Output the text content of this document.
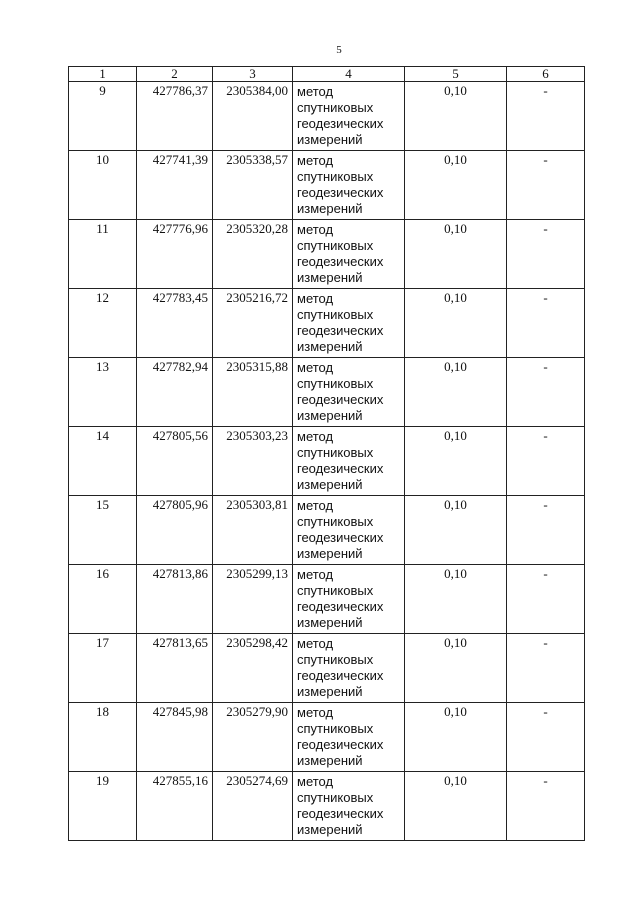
5
1	2	3	4	5	6
9	427786,37	2305384,00	метод
спутниковых
геодезических
измерений	0,10	-
10	427741,39	2305338,57	метод
спутниковых
геодезических
измерений	0,10	-
11	427776,96	2305320,28	метод
спутниковых
геодезических
измерений	0,10	-
12	427783,45	2305216,72	метод
спутниковых
геодезических
измерений	0,10	-
13	427782,94	2305315,88	метод
спутниковых
геодезических
измерений	0,10	-
14	427805,56	2305303,23	метод
спутниковых
геодезических
измерений	0,10	-
15	427805,96	2305303,81	метод
спутниковых
геодезических
измерений	0,10	-
16	427813,86	2305299,13	метод
спутниковых
геодезических
измерений	0,10	-
17	427813,65	2305298,42	метод
спутниковых
геодезических
измерений	0,10	-
18	427845,98	2305279,90	метод
спутниковых
геодезических
измерений	0,10	-
19	427855,16	2305274,69	метод
спутниковых
геодезических
измерений	0,10	-
